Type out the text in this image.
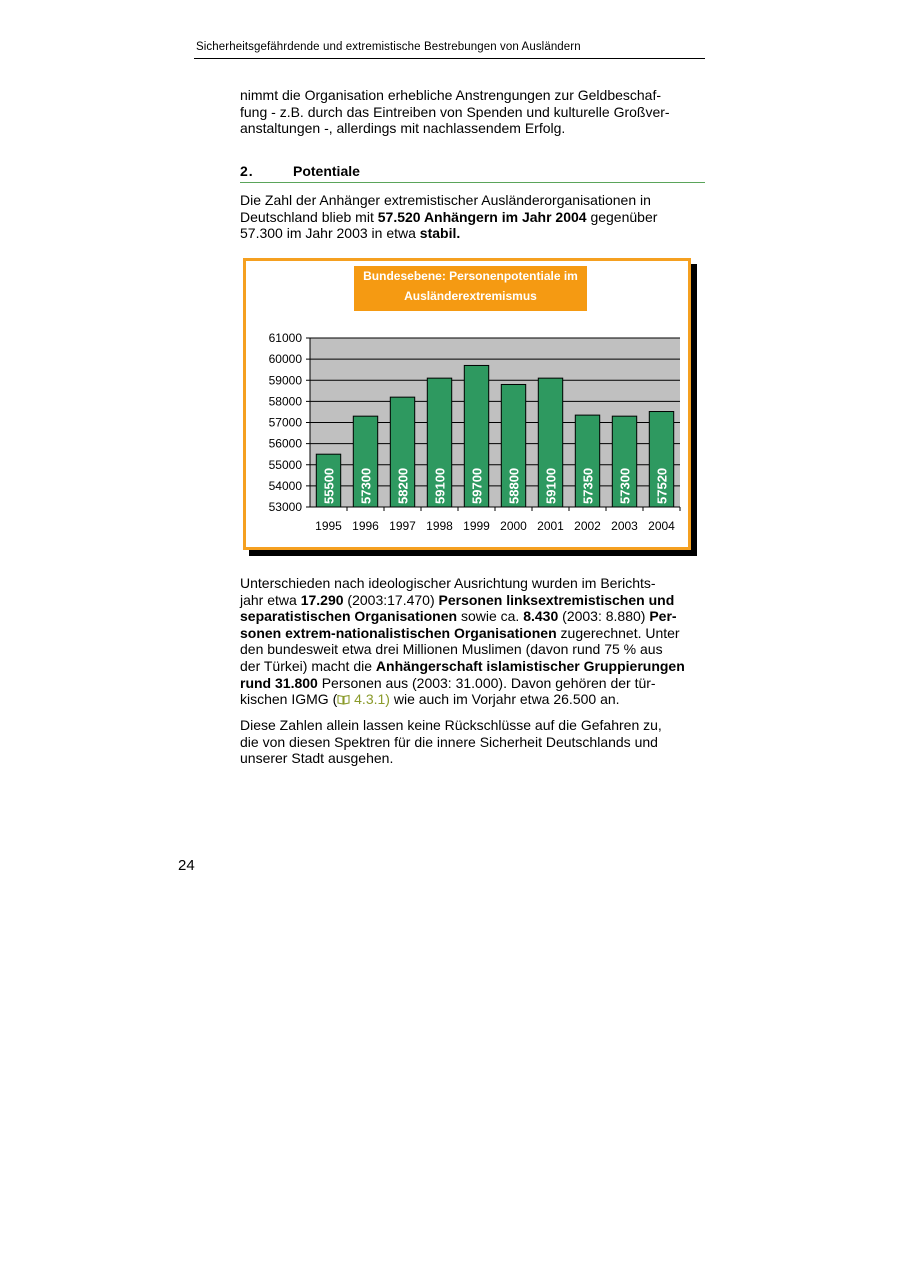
Sicherheitsgefährdende und extremistische Bestrebungen von Ausländern
nimmt die Organisation erhebliche Anstrengungen zur Geldbeschaf-
fung - z.B. durch das Eintreiben von Spenden und kulturelle Großver-
anstaltungen -, allerdings mit nachlassendem Erfolg.
2.	Potentiale
Die Zahl der Anhänger extremistischer Ausländerorganisationen in
Deutschland blieb mit 57.520 Anhängern im Jahr 2004 gegenüber
57.300 im Jahr 2003 in etwa stabil.
53000
54000
55000
56000
57000
58000
59000
60000
61000
55500
1995
57300
1996
58200
1997
59100
1998
59700
1999
58800
2000
59100
2001
57350
2002
57300
2003
57520
2004
Bundesebene: Personenpotentiale im
Ausländerextremismus
Unterschieden nach ideologischer Ausrichtung wurden im Berichts-
jahr etwa 17.290 (2003:17.470) Personen linksextremistischen und
separatistischen Organisationen sowie ca. 8.430 (2003: 8.880) Per-
sonen extrem-nationalistischen Organisationen zugerechnet. Unter
den bundesweit etwa drei Millionen Muslimen (davon rund 75 % aus
der Türkei) macht die Anhängerschaft islamistischer Gruppierungen
rund 31.800 Personen aus (2003: 31.000). Davon gehören der tür-
kischen IGMG ( 4.3.1) wie auch im Vorjahr etwa 26.500 an.
Diese Zahlen allein lassen keine Rückschlüsse auf die Gefahren zu,
die von diesen Spektren für die innere Sicherheit Deutschlands und
unserer Stadt ausgehen.
24
